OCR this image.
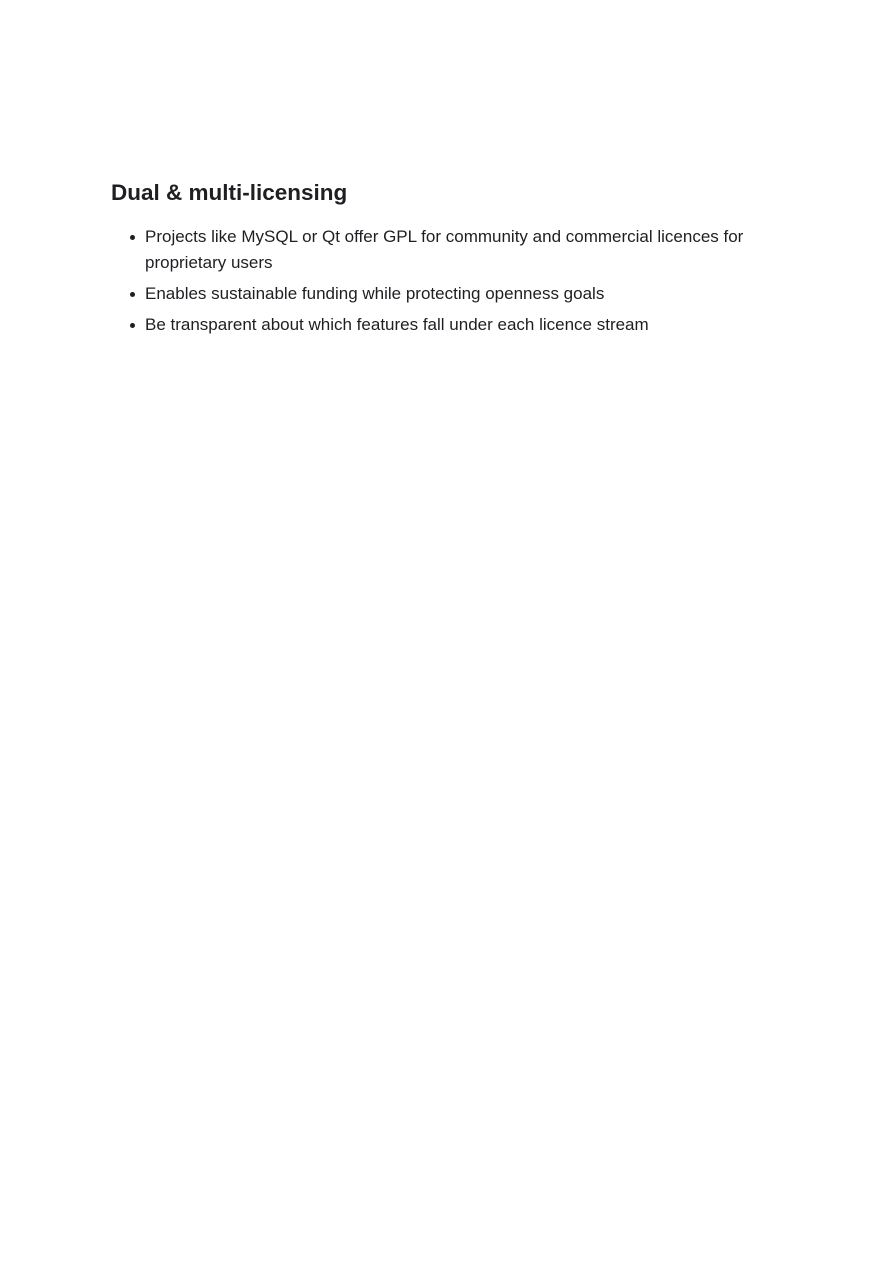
Dual & multi-licensing
Projects like MySQL or Qt offer GPL for community and commercial licences for proprietary users
Enables sustainable funding while protecting openness goals
Be transparent about which features fall under each licence stream
